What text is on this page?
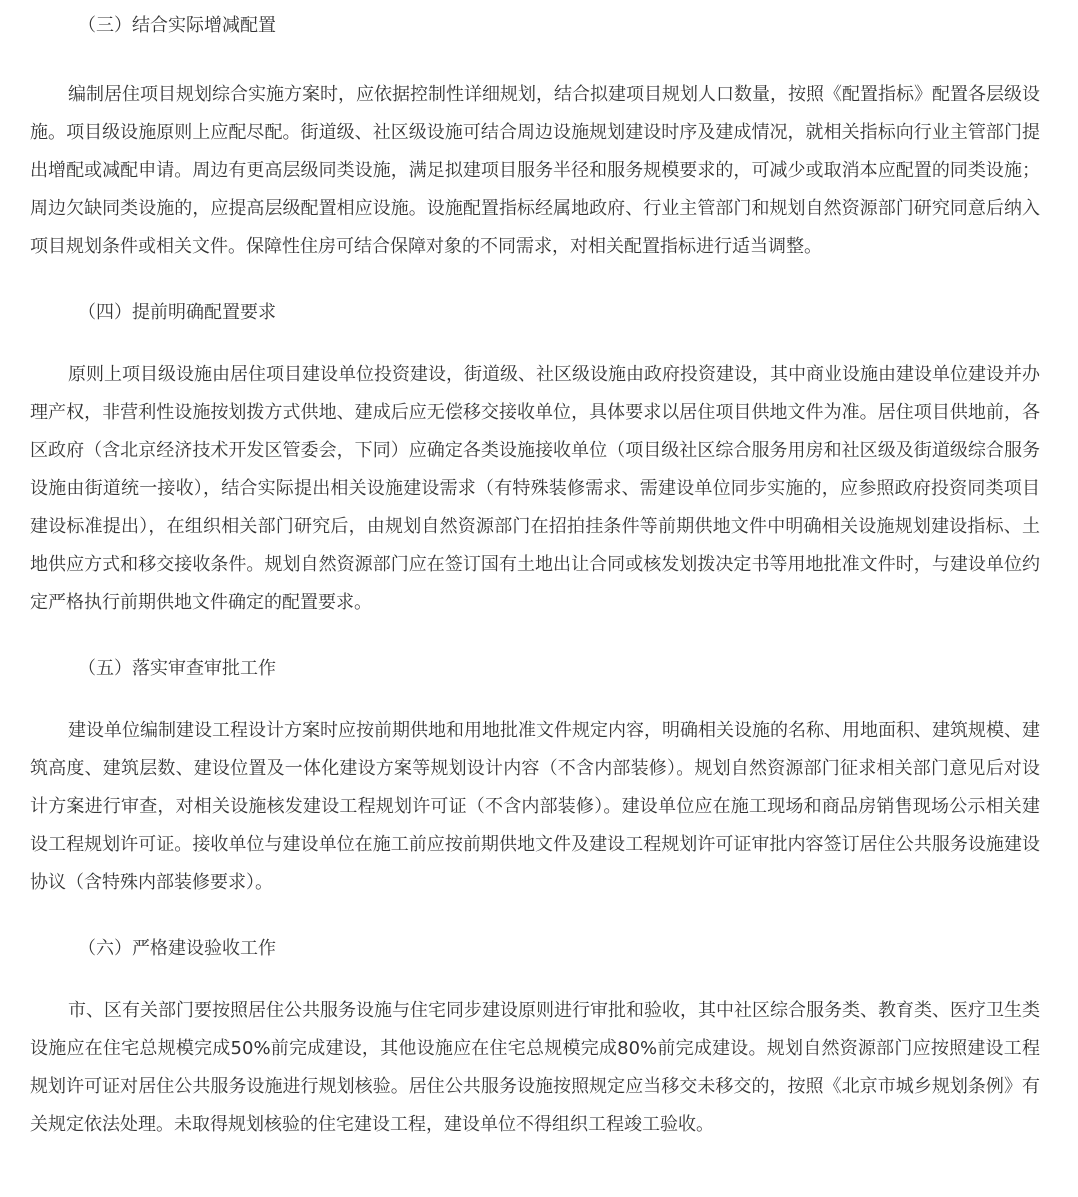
（三）结合实际增减配置

编制居住项目规划综合实施方案时，应依据控制性详细规划，结合拟建项目规划人口数量，按照《配置指标》配置各层级设施。项目级设施原则上应配尽配。街道级、社区级设施可结合周边设施规划建设时序及建成情况，就相关指标向行业主管部门提出增配或减配申请。周边有更高层级同类设施，满足拟建项目服务半径和服务规模要求的，可减少或取消本应配置的同类设施；周边欠缺同类设施的，应提高层级配置相应设施。设施配置指标经属地政府、行业主管部门和规划自然资源部门研究同意后纳入项目规划条件或相关文件。保障性住房可结合保障对象的不同需求，对相关配置指标进行适当调整。

（四）提前明确配置要求

原则上项目级设施由居住项目建设单位投资建设，街道级、社区级设施由政府投资建设，其中商业设施由建设单位建设并办理产权，非营利性设施按划拨方式供地、建成后应无偿移交接收单位，具体要求以居住项目供地文件为准。居住项目供地前，各区政府（含北京经济技术开发区管委会，下同）应确定各类设施接收单位（项目级社区综合服务用房和社区级及街道级综合服务设施由街道统一接收），结合实际提出相关设施建设需求（有特殊装修需求、需建设单位同步实施的，应参照政府投资同类项目建设标准提出），在组织相关部门研究后，由规划自然资源部门在招拍挂条件等前期供地文件中明确相关设施规划建设指标、土地供应方式和移交接收条件。规划自然资源部门应在签订国有土地出让合同或核发划拨决定书等用地批准文件时，与建设单位约定严格执行前期供地文件确定的配置要求。

（五）落实审查审批工作

建设单位编制建设工程设计方案时应按前期供地和用地批准文件规定内容，明确相关设施的名称、用地面积、建筑规模、建筑高度、建筑层数、建设位置及一体化建设方案等规划设计内容（不含内部装修）。规划自然资源部门征求相关部门意见后对设计方案进行审查，对相关设施核发建设工程规划许可证（不含内部装修）。建设单位应在施工现场和商品房销售现场公示相关建设工程规划许可证。接收单位与建设单位在施工前应按前期供地文件及建设工程规划许可证审批内容签订居住公共服务设施建设协议（含特殊内部装修要求）。

（六）严格建设验收工作

市、区有关部门要按照居住公共服务设施与住宅同步建设原则进行审批和验收，其中社区综合服务类、教育类、医疗卫生类设施应在住宅总规模完成50%前完成建设，其他设施应在住宅总规模完成80%前完成建设。规划自然资源部门应按照建设工程规划许可证对居住公共服务设施进行规划核验。居住公共服务设施按照规定应当移交未移交的，按照《北京市城乡规划条例》有关规定依法处理。未取得规划核验的住宅建设工程，建设单位不得组织工程竣工验收。
